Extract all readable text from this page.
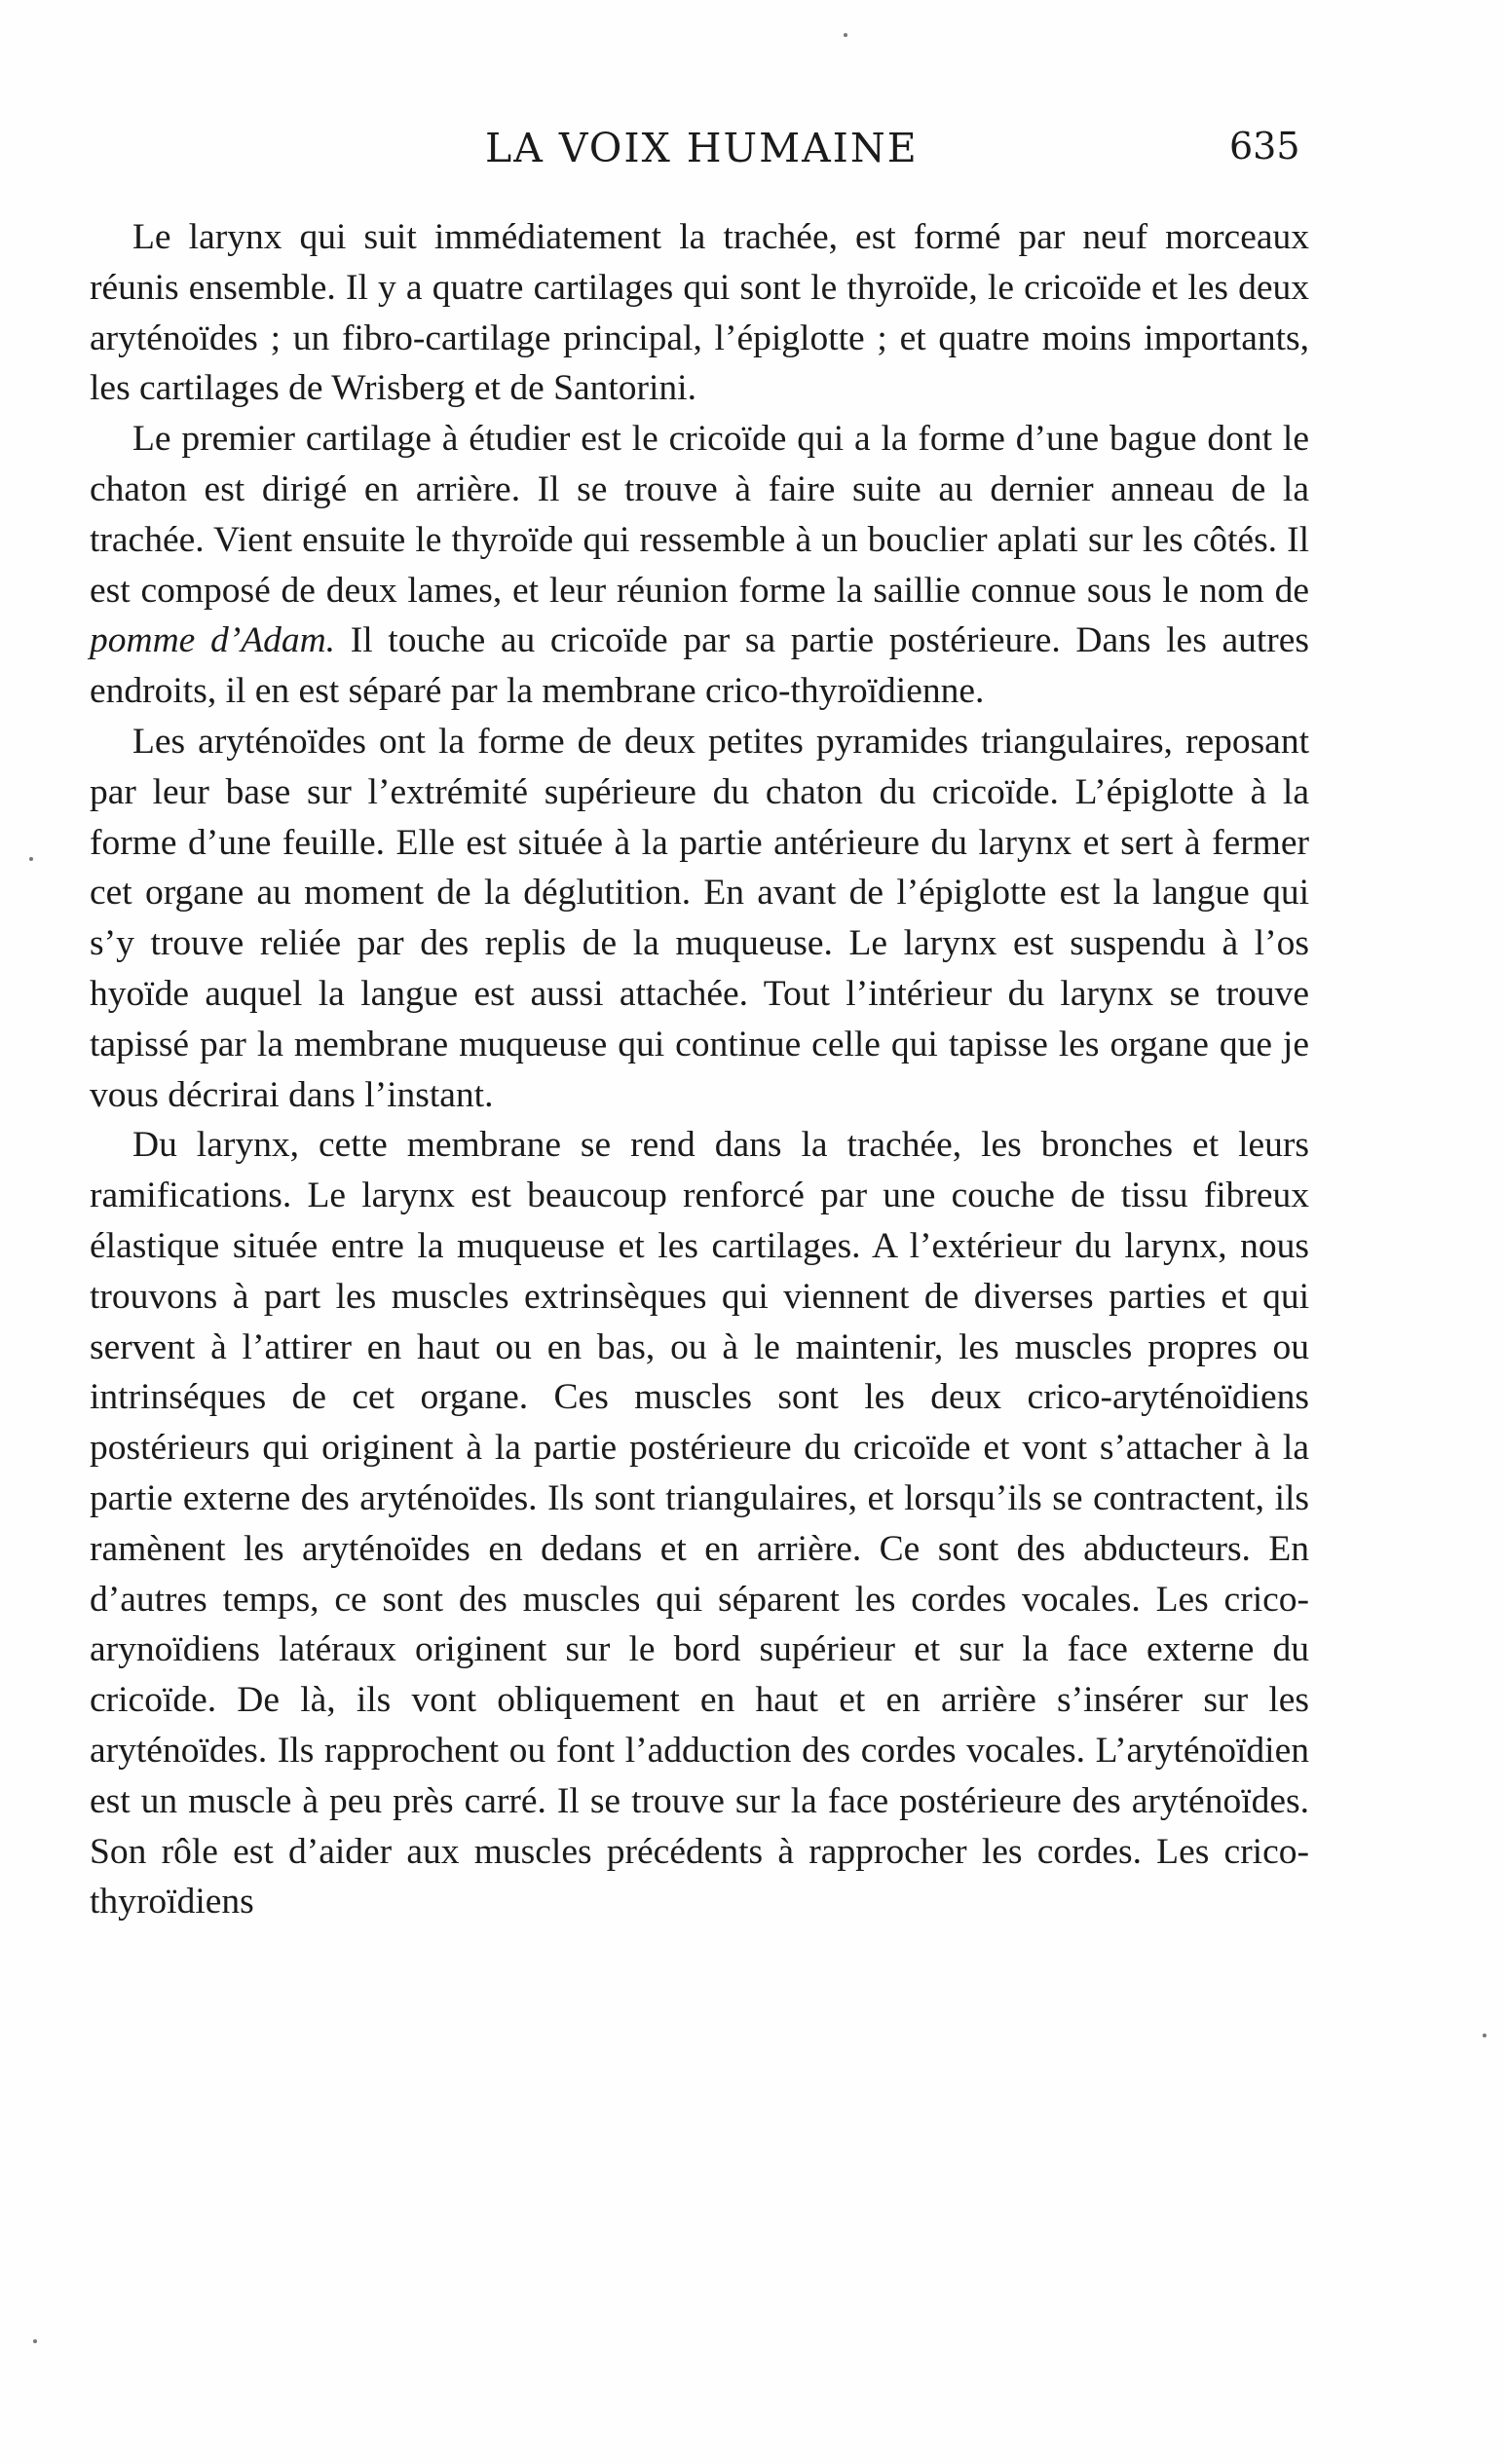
LA VOIX HUMAINE	635

Le larynx qui suit immédiatement la trachée, est formé par neuf morceaux réunis ensemble. Il y a quatre cartilages qui sont le thyroïde, le cricoïde et les deux aryténoïdes ; un fibro-cartilage principal, l’épiglotte ; et quatre moins importants, les cartilages de Wrisberg et de Santorini.

Le premier cartilage à étudier est le cricoïde qui a la forme d’une bague dont le chaton est dirigé en arrière. Il se trouve à faire suite au dernier anneau de la trachée. Vient ensuite le thyroïde qui ressemble à un bouclier aplati sur les côtés. Il est composé de deux lames, et leur réunion forme la saillie connue sous le nom de pomme d’Adam. Il touche au cricoïde par sa partie postérieure. Dans les autres endroits, il en est séparé par la membrane crico-thyroïdienne.

Les aryténoïdes ont la forme de deux petites pyramides triangulaires, reposant par leur base sur l’extrémité supérieure du chaton du cricoïde. L’épiglotte à la forme d’une feuille. Elle est située à la partie antérieure du larynx et sert à fermer cet organe au moment de la déglutition. En avant de l’épiglotte est la langue qui s’y trouve reliée par des replis de la muqueuse. Le larynx est suspendu à l’os hyoïde auquel la langue est aussi attachée. Tout l’intérieur du larynx se trouve tapissé par la membrane muqueuse qui continue celle qui tapisse les organe que je vous décrirai dans l’instant.

Du larynx, cette membrane se rend dans la trachée, les bronches et leurs ramifications. Le larynx est beaucoup renforcé par une couche de tissu fibreux élastique située entre la muqueuse et les cartilages. A l’extérieur du larynx, nous trouvons à part les muscles extrinsèques qui viennent de diverses parties et qui servent à l’attirer en haut ou en bas, ou à le maintenir, les muscles propres ou intrinséques de cet organe. Ces muscles sont les deux crico-aryténoïdiens postérieurs qui originent à la partie postérieure du cricoïde et vont s’attacher à la partie externe des aryténoïdes. Ils sont triangulaires, et lorsqu’ils se contractent, ils ramènent les aryténoïdes en dedans et en arrière. Ce sont des abducteurs. En d’autres temps, ce sont des muscles qui séparent les cordes vocales. Les crico-arynoïdiens latéraux originent sur le bord supérieur et sur la face externe du cricoïde. De là, ils vont obliquement en haut et en arrière s’insérer sur les aryténoïdes. Ils rapprochent ou font l’adduction des cordes vocales. L’aryténoïdien est un muscle à peu près carré. Il se trouve sur la face postérieure des aryténoïdes. Son rôle est d’aider aux muscles précédents à rapprocher les cordes. Les crico-thyroïdiens
